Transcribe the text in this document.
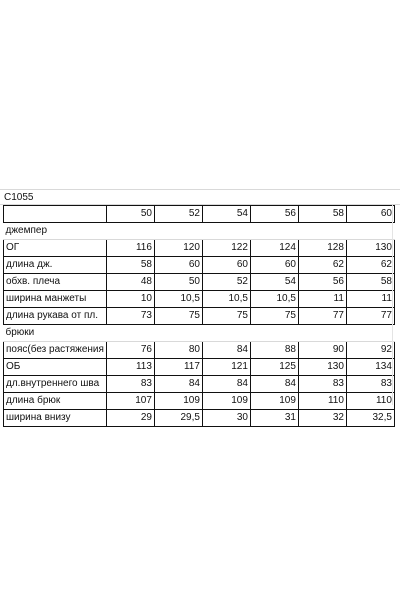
C1055
	50	52	54	56	58	60
джемпер						
ОГ	116	120	122	124	128	130
длина дж.	58	60	60	60	62	62
обхв. плеча	48	50	52	54	56	58
ширина манжеты	10	10,5	10,5	10,5	11	11
длина рукава от пл.	73	75	75	75	77	77
брюки						
пояс(без растяжения	76	80	84	88	90	92
ОБ	113	117	121	125	130	134
дл.внутреннего шва	83	84	84	84	83	83
длина брюк	107	109	109	109	110	110
ширина внизу	29	29,5	30	31	32	32,5
